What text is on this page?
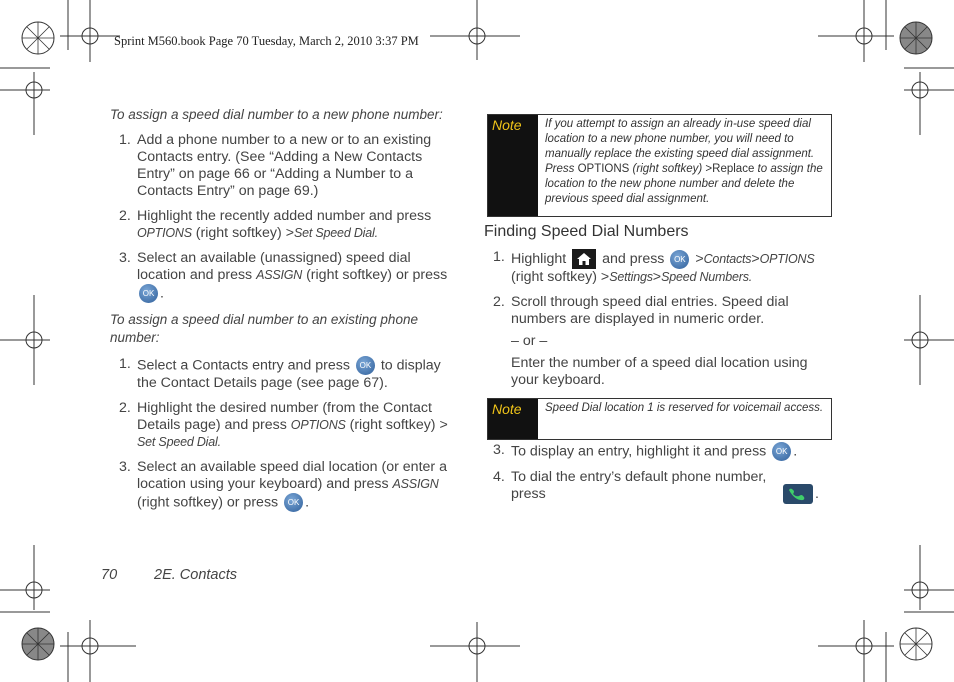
Sprint M560.book Page 70 Tuesday, March 2, 2010 3:37 PM
To assign a speed dial number to a new phone number:
1. Add a phone number to a new or to an existing Contacts entry. (See “Adding a New Contacts Entry” on page 66 or “Adding a Number to a Contacts Entry” on page 69.)
2. Highlight the recently added number and press OPTIONS (right softkey) >Set Speed Dial.
3. Select an available (unassigned) speed dial location and press ASSIGN (right softkey) or press OK .
To assign a speed dial number to an existing phone number:
1. Select a Contacts entry and press OK to display the Contact Details page (see page 67).
2. Highlight the desired number (from the Contact Details page) and press OPTIONS (right softkey) >
Set Speed Dial.
3. Select an available speed dial location (or enter a location using your keyboard) and press ASSIGN (right softkey) or press OK .
Note	If you attempt to assign an already in-use speed dial location to a new phone number, you will need to manually replace the existing speed dial assignment. Press OPTIONS (right softkey) >Replace to assign the location to the new phone number and delete the previous speed dial assignment.
Finding Speed Dial Numbers
1. Highlight  and press OK >Contacts>OPTIONS (right softkey) >Settings>Speed Numbers.
2. Scroll through speed dial entries. Speed dial numbers are displayed in numeric order.
– or –
Enter the number of a speed dial location using your keyboard.
Note	Speed Dial location 1 is reserved for voicemail access.
3. To display an entry, highlight it and press OK .
4. To dial the entry’s default phone number, press	.
70	2E. Contacts
